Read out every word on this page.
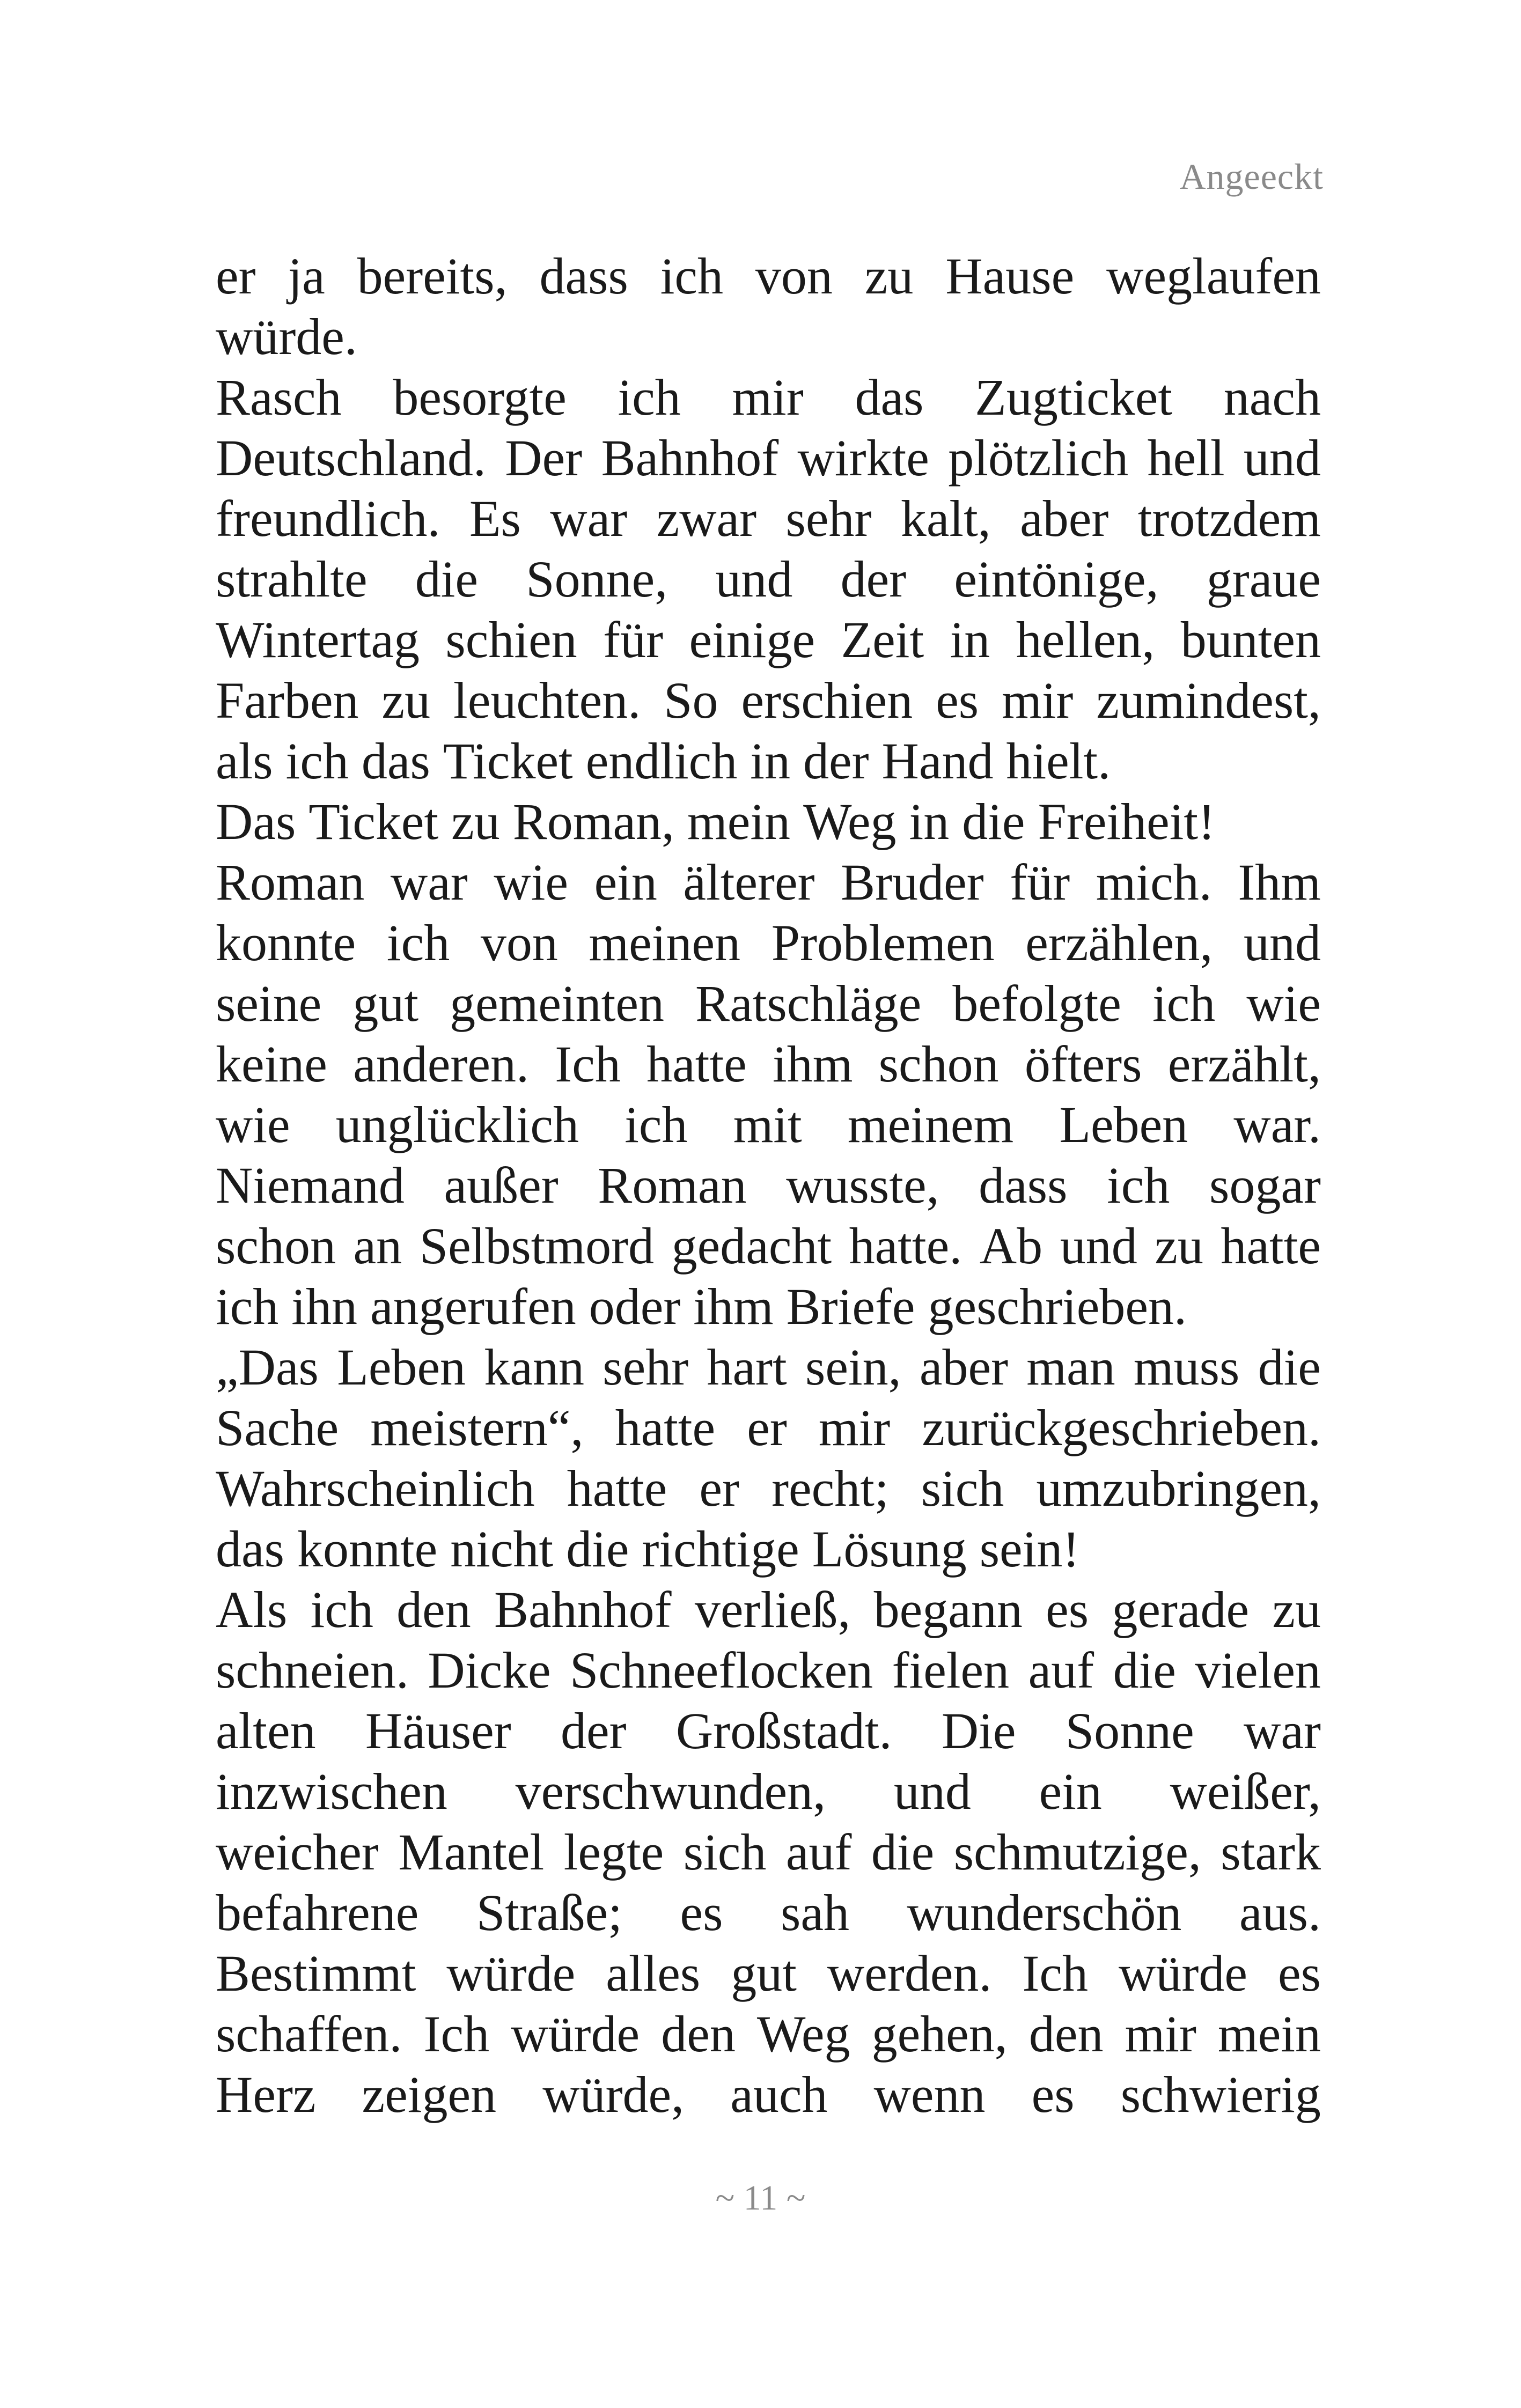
Angeeckt
er ja bereits, dass ich von zu Hause weglaufen
würde.
Rasch besorgte ich mir das Zugticket nach
Deutschland. Der Bahnhof wirkte plötzlich hell und
freundlich. Es war zwar sehr kalt, aber trotzdem
strahlte die Sonne, und der eintönige, graue
Wintertag schien für einige Zeit in hellen, bunten
Farben zu leuchten. So erschien es mir zumindest,
als ich das Ticket endlich in der Hand hielt.
Das Ticket zu Roman, mein Weg in die Freiheit!
Roman war wie ein älterer Bruder für mich. Ihm
konnte ich von meinen Problemen erzählen, und
seine gut gemeinten Ratschläge befolgte ich wie
keine anderen. Ich hatte ihm schon öfters erzählt,
wie unglücklich ich mit meinem Leben war.
Niemand außer Roman wusste, dass ich sogar
schon an Selbstmord gedacht hatte. Ab und zu hatte
ich ihn angerufen oder ihm Briefe geschrieben.
„Das Leben kann sehr hart sein, aber man muss die
Sache meistern“, hatte er mir zurückgeschrieben.
Wahrscheinlich hatte er recht; sich umzubringen,
das konnte nicht die richtige Lösung sein!
Als ich den Bahnhof verließ, begann es gerade zu
schneien. Dicke Schneeflocken fielen auf die vielen
alten Häuser der Großstadt. Die Sonne war
inzwischen verschwunden, und ein weißer,
weicher Mantel legte sich auf die schmutzige, stark
befahrene Straße; es sah wunderschön aus.
Bestimmt würde alles gut werden. Ich würde es
schaffen. Ich würde den Weg gehen, den mir mein
Herz zeigen würde, auch wenn es schwierig
~ 11 ~
